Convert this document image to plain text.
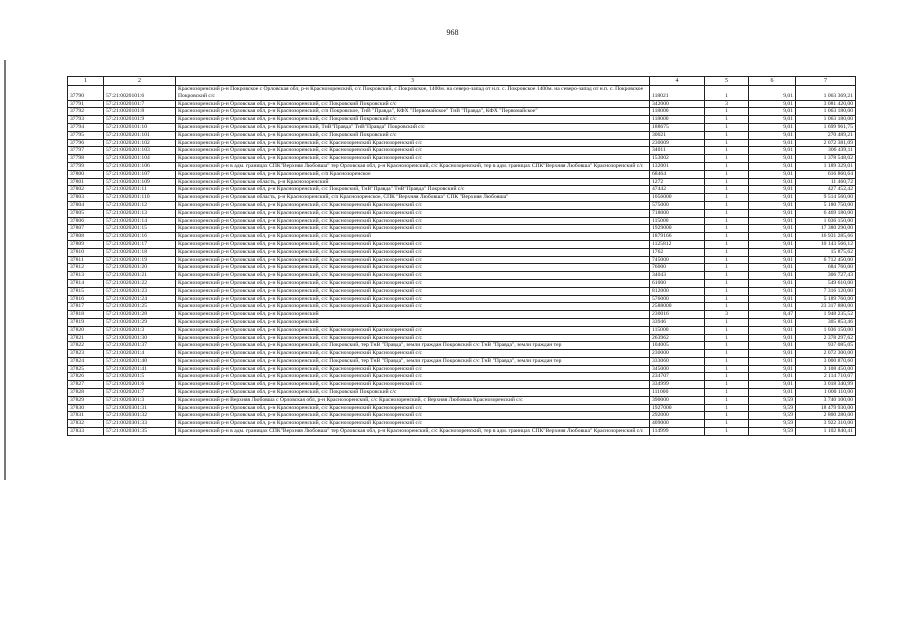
968
1	2	3	4	5	6	7
37790	57:21:0020101:6	Краснозоренский р-н Покровское с Орловская обл, р-н Краснозоренский, с/с Покровский, с Покровское, 1400м. на северо-запад от н.п. с. Покровское 1400м. на северо-запад от н.п. с. Покровское Покровский с/с	118021	1	9,01	1 063 369,21
37791	57:21:0020101:7	Краснозоренский р-н Орловская обл, р-н Краснозоренский, с/с Покровский Покровский с/с	342000	3	9,01	3 081 420,00
37792	57:21:0020101:8	Краснозоренский р-н Орловская обл, р-н Краснозоренский, с/п Покровское, ТнВ "Правда", КФХ "Первомайское" ТнВ "Правда", КФХ "Первомайское"	118000	1	9,01	1 063 180,00
37793	57:21:0020101:9	Краснозоренский р-н Орловская обл, р-н Краснозоренский, с/с Покровский Покровский с/с	118000	1	9,01	1 063 180,00
37794	57:21:0020101:10	Краснозоренский р-н Орловская обл, р-н Краснозоренский, ТнВ"Правда" ТнВ"Правда" Покровский с/с	188675	1	9,01	1 699 961,75
37795	57:21:0020201:101	Краснозоренский р-н Орловская обл, р-н Краснозоренский, с/с Покровский Покровский с/с	30021	1	9,01	270 489,21
37796	57:21:0020201:102	Краснозоренский р-н Орловская обл, р-н Краснозоренский, с/с Краснозоренский Краснозоренский с/с	230009	1	9,01	2 072 381,09
37797	57:21:0020201:103	Краснозоренский р-н Орловская обл, р-н Краснозоренский, с/с Краснозоренский Краснозоренский с/с	34011	1	9,01	306 439,11
37798	57:21:0020201:104	Краснозоренский р-н Орловская обл, р-н Краснозоренский, с/с Краснозоренский Краснозоренский с/с	153002	1	9,01	1 378 548,02
37799	57:21:0020201:106	Краснозоренский р-н в адм. границах СПК"Верхняя Любовша" тер Орловская обл, р-н Краснозоренский, с/с Краснозоренский, тер в адм. границах СПК"Верхняя Любовша" Краснозоренский с/с	132001	1	9,01	1 189 329,01
37800	57:21:0020201:107	Краснозоренский р-н Орловская обл, р-н Краснозоренский, с/п Краснозоренское	68464	1	9,01	616 860,64
37801	57:21:0020201:109	Краснозоренский р-н Орловская область, р-н Краснозоренский	1272	1	9,01	11 460,72
37802	57:21:0020201:11	Краснозоренский р-н Орловская обл, р-н Краснозоренский, с/с Покровский, ТнВ"Правда" ТнВ"Правда" Покровский с/с	47442	1	9,01	427 452,42
37803	57:21:0020201:110	Краснозоренский р-н Орловская область, р-н Краснозоренский, с/п Краснозоренское, СПК "Верхняя Любовша" СПК "Верхняя Любовша"	1056000	1	9,01	9 514 560,00
37804	57:21:0020201:12	Краснозоренский р-н Орловская обл, р-н Краснозоренский, с/с Краснозоренский Краснозоренский с/с	575000	1	9,01	5 180 750,00
37805	57:21:0020201:13	Краснозоренский р-н Орловская обл, р-н Краснозоренский, с/с Краснозоренский Краснозоренский с/с	718000	1	9,01	6 469 180,00
37806	57:21:0020201:14	Краснозоренский р-н Орловская обл, р-н Краснозоренский, с/с Краснозоренский Краснозоренский с/с	115000	1	9,01	1 036 150,00
37807	57:21:0020201:15	Краснозоренский р-н Орловская обл, р-н Краснозоренский, с/с Краснозоренский Краснозоренский с/с	1929000	1	9,01	17 380 290,00
37808	57:21:0020201:16	Краснозоренский р-н Орловская обл, р-н Краснозоренский, с/с Краснозоренский	1879166	1	9,01	16 931 285,66
37809	57:21:0020201:17	Краснозоренский р-н Орловская обл, р-н Краснозоренский, с/с Краснозоренский Краснозоренский с/с	1125812	1	9,01	10 143 566,12
37810	57:21:0020201:18	Краснозоренский р-н Орловская обл, р-н Краснозоренский, с/с Краснозоренский Краснозоренский с/с	1762	1	9,01	15 875,62
37811	57:21:0020201:19	Краснозоренский р-н Орловская обл, р-н Краснозоренский, с/с Краснозоренский Краснозоренский с/с	745000	1	9,01	6 712 450,00
37812	57:21:0020201:20	Краснозоренский р-н Орловская обл, р-н Краснозоренский, с/с Краснозоренский Краснозоренский с/с	76000	1	9,01	684 760,00
37813	57:21:0020201:21	Краснозоренский р-н Орловская обл, р-н Краснозоренский, с/с Краснозоренский Краснозоренский с/с	34043	1	9,01	306 727,43
37814	57:21:0020201:22	Краснозоренский р-н Орловская обл, р-н Краснозоренский, с/с Краснозоренский Краснозоренский с/с	61000	1	9,01	549 610,00
37815	57:21:0020201:23	Краснозоренский р-н Орловская обл, р-н Краснозоренский, с/с Краснозоренский Краснозоренский с/с	812000	1	9,01	7 316 120,00
37816	57:21:0020201:24	Краснозоренский р-н Орловская обл, р-н Краснозоренский, с/с Краснозоренский Краснозоренский с/с	576000	1	9,01	5 189 760,00
37817	57:21:0020201:25	Краснозоренский р-н Орловская обл, р-н Краснозоренский, с/с Краснозоренский Краснозоренский с/с	2588000	1	9,01	23 317 880,00
37818	57:21:0020201:28	Краснозоренский р-н Орловская обл, р-н Краснозоренский	230016	3	8,47	1 948 235,52
37819	57:21:0020201:29	Краснозоренский р-н Орловская обл, р-н Краснозоренский	33946	1	9,01	305 853,46
37820	57:21:0020201:3	Краснозоренский р-н Орловская обл, р-н Краснозоренский, с/с Краснозоренский Краснозоренский с/с	115000	1	9,01	1 036 150,00
37821	57:21:0020201:30	Краснозоренский р-н Орловская обл, р-н Краснозоренский, с/с Краснозоренский Краснозоренский с/с	263962	1	9,01	2 378 297,62
37822	57:21:0020201:37	Краснозоренский р-н Орловская обл, р-н Краснозоренский, с/с Покровский, тер ТнВ "Правда", земли граждан Покровский с/с ТнВ "Правда", земли граждан тер	104005	1	9,01	937 085,05
37823	57:21:0020201:4	Краснозоренский р-н Орловская обл, р-н Краснозоренский, с/с Краснозоренский Краснозоренский с/с	230000	1	9,01	2 072 300,00
37824	57:21:0020201:40	Краснозоренский р-н Орловская обл, р-н Краснозоренский, с/с Покровский, тер ТнВ "Правда", земли граждан Покровский с/с ТнВ "Правда", земли граждан тер	333060	1	9,01	3 000 870,60
37825	57:21:0020201:41	Краснозоренский р-н Орловская обл, р-н Краснозоренский, с/с Краснозоренский Краснозоренский с/с	345000	1	9,01	3 108 450,00
37826	57:21:0020201:5	Краснозоренский р-н Орловская обл, р-н Краснозоренский, с/с Краснозоренский Краснозоренский с/с	234707	1	9,01	2 114 710,07
37827	57:21:0020201:6	Краснозоренский р-н Орловская обл, р-н Краснозоренский, с/с Краснозоренский Краснозоренский с/с	334999	1	9,01	3 018 340,99
37828	57:21:0020201:7	Краснозоренский р-н Орловская обл, р-н Краснозоренский, с/с Покровский Покровский с/с	111000	1	9,01	1 000 110,00
37829	57:21:0020301:3	Краснозоренский р-н Верхняя Любовша с Орловская обл, р-н Краснозоренский, с/с Краснозоренский, с Верхняя Любовша Краснозоренский с/с	390000	1	9,59	3 740 100,00
37830	57:21:0020301:31	Краснозоренский р-н Орловская обл, р-н Краснозоренский, с/с Краснозоренский Краснозоренский с/с	1927000	1	9,59	18 479 930,00
37831	57:21:0020301:32	Краснозоренский р-н Орловская обл, р-н Краснозоренский, с/с Краснозоренский Краснозоренский с/с	292000	1	9,59	2 800 280,00
37832	57:21:0020301:33	Краснозоренский р-н Орловская обл, р-н Краснозоренский, с/с Краснозоренский Краснозоренский с/с	409000	1	9,59	3 922 310,00
37833	57:21:0020301:35	Краснозоренский р-н в адм. границах СПК"Верхняя Любовша" тер Орловская обл, р-н Краснозоренский, с/с Краснозоренский, тер в адм. границах СПК"Верхняя Любовша" Краснозоренский с/с	114999	1	9,59	1 102 840,41
